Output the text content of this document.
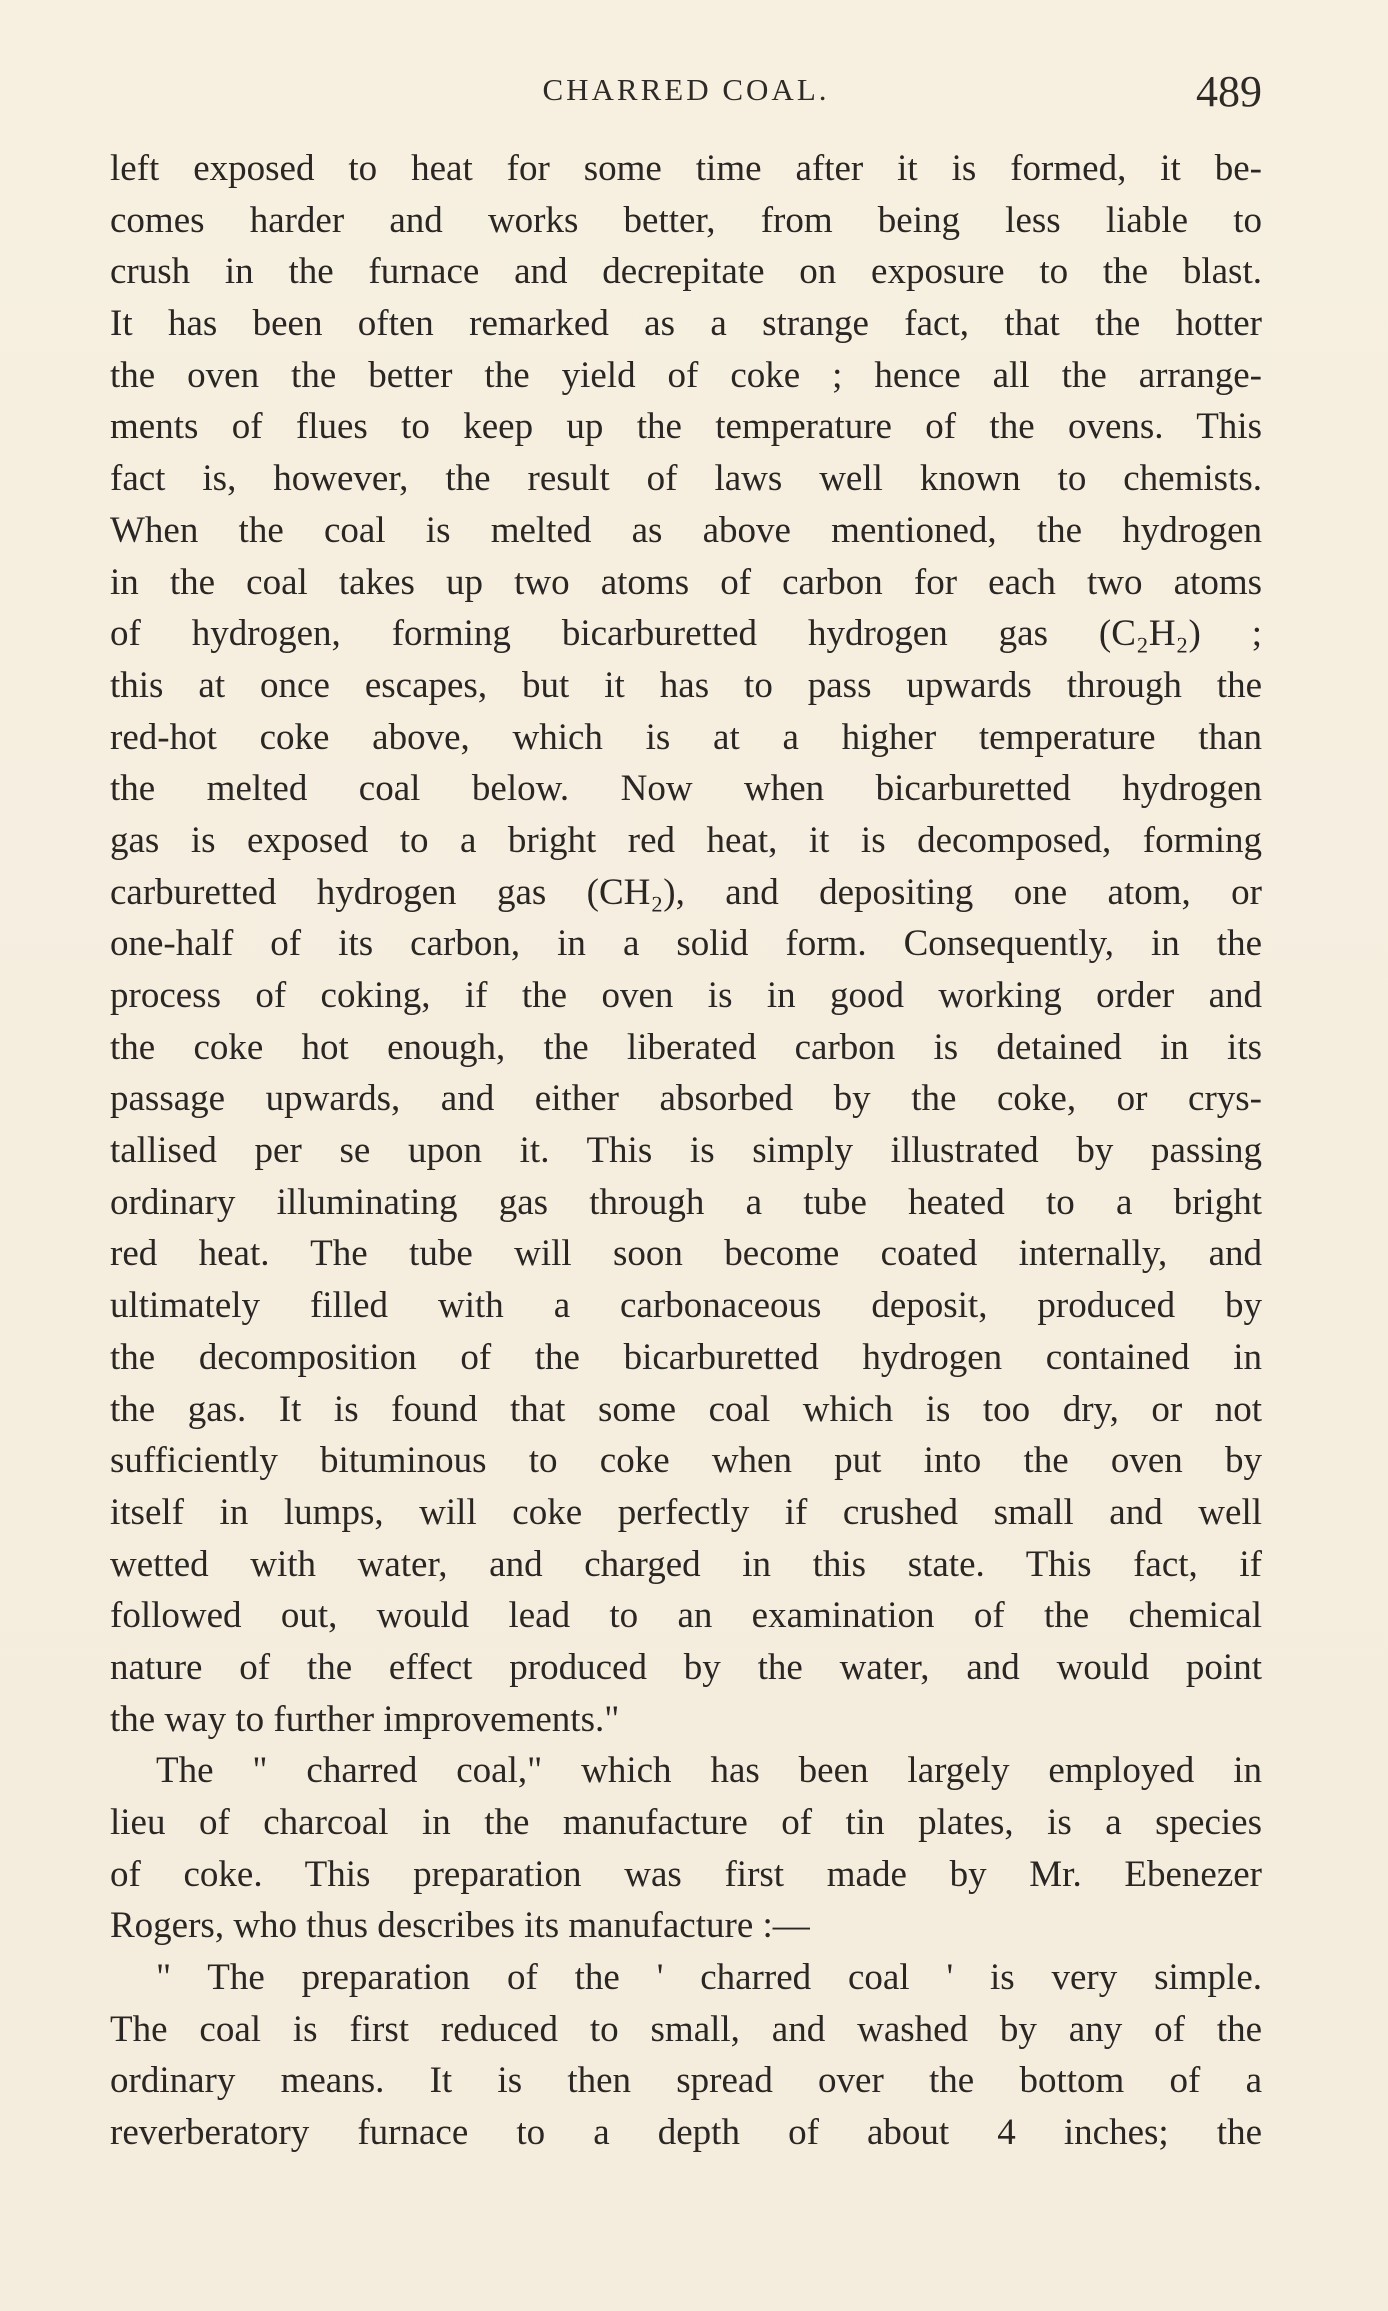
CHARRED COAL.	489
left exposed to heat for some time after it is formed, it be-
comes harder and works better, from being less liable to
crush in the furnace and decrepitate on exposure to the blast.
It has been often remarked as a strange fact, that the hotter
the oven the better the yield of coke ; hence all the arrange-
ments of flues to keep up the temperature of the ovens. This
fact is, however, the result of laws well known to chemists.
When the coal is melted as above mentioned, the hydrogen
in the coal takes up two atoms of carbon for each two atoms
of hydrogen, forming bicarburetted hydrogen gas (C₂H₂) ;
this at once escapes, but it has to pass upwards through the
red-hot coke above, which is at a higher temperature than
the melted coal below. Now when bicarburetted hydrogen
gas is exposed to a bright red heat, it is decomposed, forming
carburetted hydrogen gas (CH₂), and depositing one atom, or
one-half of its carbon, in a solid form. Consequently, in the
process of coking, if the oven is in good working order and
the coke hot enough, the liberated carbon is detained in its
passage upwards, and either absorbed by the coke, or crys-
tallised per se upon it. This is simply illustrated by passing
ordinary illuminating gas through a tube heated to a bright
red heat. The tube will soon become coated internally, and
ultimately filled with a carbonaceous deposit, produced by
the decomposition of the bicarburetted hydrogen contained in
the gas. It is found that some coal which is too dry, or not
sufficiently bituminous to coke when put into the oven by
itself in lumps, will coke perfectly if crushed small and well
wetted with water, and charged in this state. This fact, if
followed out, would lead to an examination of the chemical
nature of the effect produced by the water, and would point
the way to further improvements."
The " charred coal," which has been largely employed in
lieu of charcoal in the manufacture of tin plates, is a species
of coke. This preparation was first made by Mr. Ebenezer
Rogers, who thus describes its manufacture :—
" The preparation of the ' charred coal ' is very simple.
The coal is first reduced to small, and washed by any of the
ordinary means. It is then spread over the bottom of a
reverberatory furnace to a depth of about 4 inches; the
